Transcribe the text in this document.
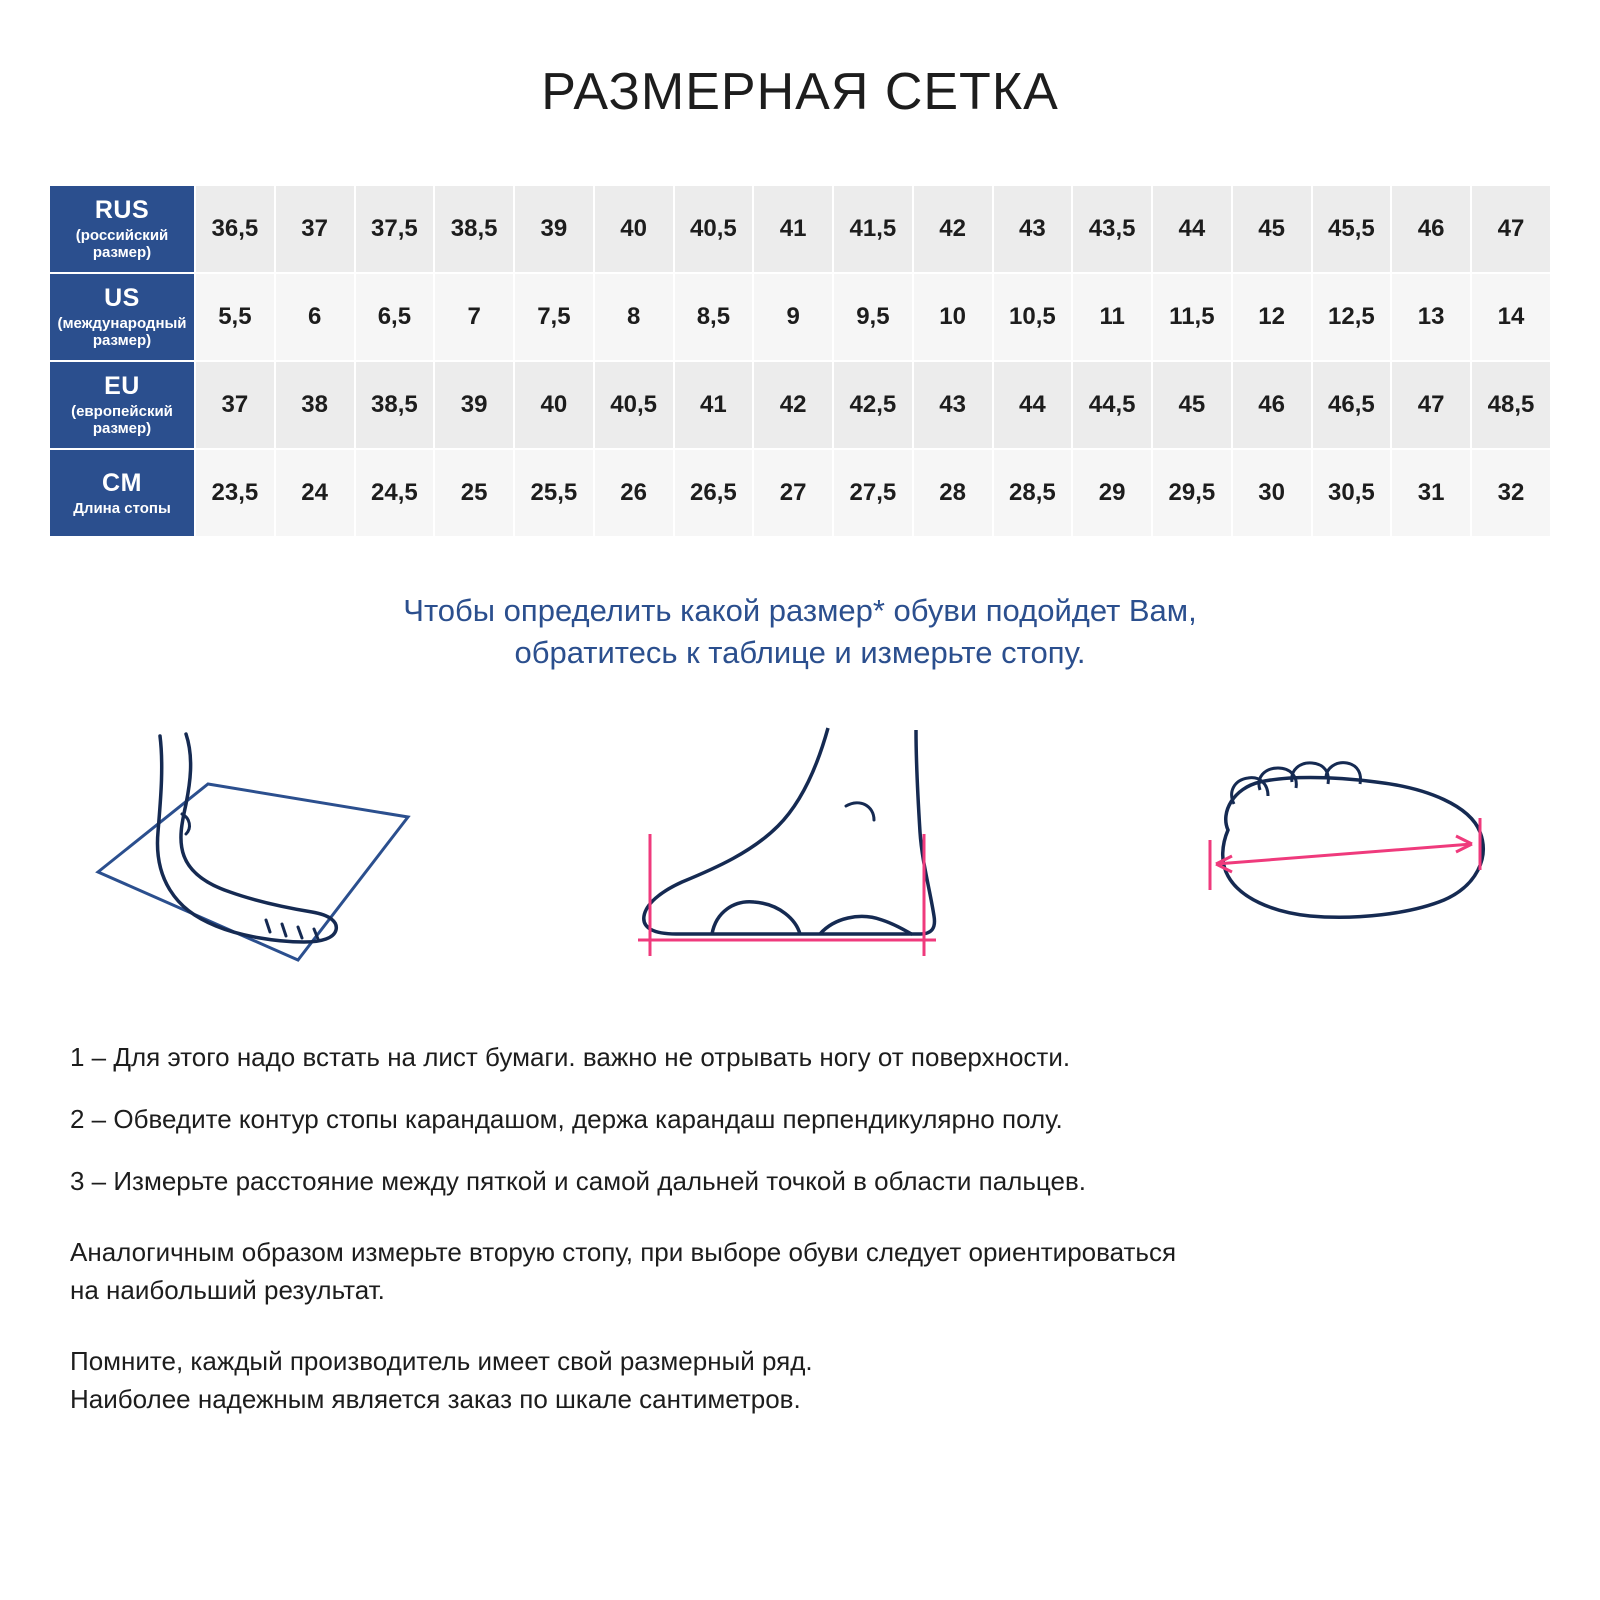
РАЗМЕРНАЯ СЕТКА
RUS
(российский размер)	36,5	37	37,5	38,5	39	40	40,5	41	41,5	42	43	43,5	44	45	45,5	46	47

US
(международный размер)	5,5	6	6,5	7	7,5	8	8,5	9	9,5	10	10,5	11	11,5	12	12,5	13	14

EU
(европейский размер)	37	38	38,5	39	40	40,5	41	42	42,5	43	44	44,5	45	46	46,5	47	48,5

CM
Длина стопы	23,5	24	24,5	25	25,5	26	26,5	27	27,5	28	28,5	29	29,5	30	30,5	31	32
Чтобы определить какой размер* обуви подойдет Вам,
обратитесь к таблице и измерьте стопу.

1 – Для этого надо встать на лист бумаги. важно не отрывать ногу от поверхности.

2 – Обведите контур стопы карандашом, держа карандаш перпендикулярно полу.

3 – Измерьте расстояние между пяткой и самой дальней точкой в области пальцев.

Аналогичным образом измерьте вторую стопу, при выборе обуви следует ориентироваться
на наибольший результат.
Помните, каждый производитель имеет свой размерный ряд.
Наиболее надежным является заказ по шкале сантиметров.
